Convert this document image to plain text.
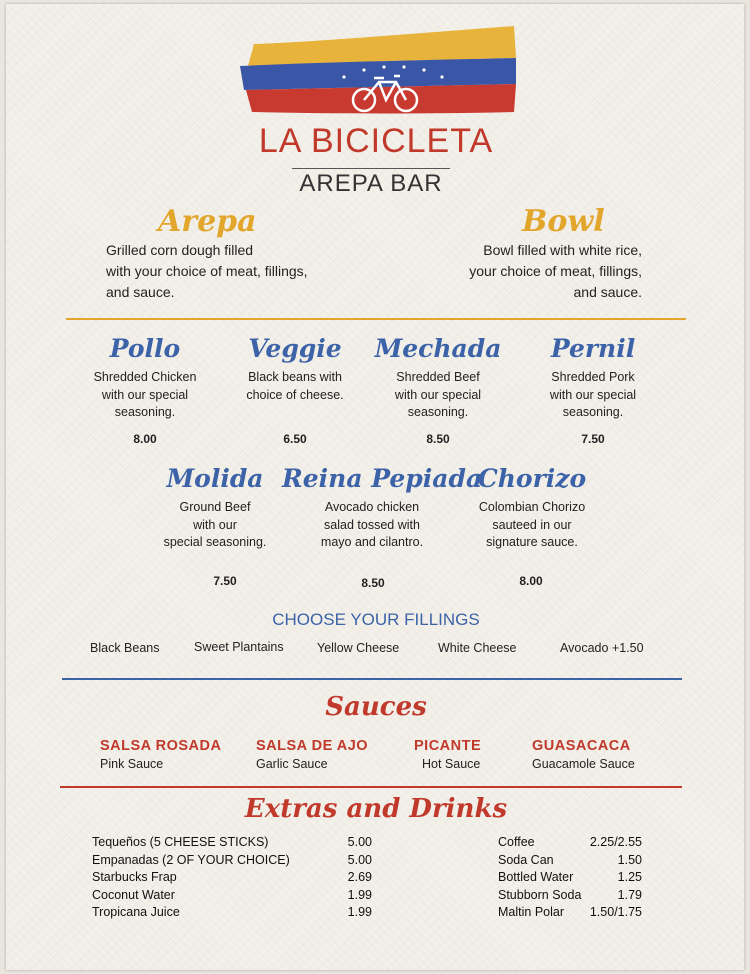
LA BICICLETA
AREPA BAR
Arepa
Grilled corn dough filled
with your choice of meat, fillings,
and sauce.
Bowl
Bowl filled with white rice,
your choice of meat, fillings,
and sauce.
Pollo
Shredded Chicken
with our special
seasoning.
8.00
Veggie
Black beans with
choice of cheese.
6.50
Mechada
Shredded Beef
with our special
seasoning.
8.50
Pernil
Shredded Pork
with our special
seasoning.
7.50
Molida
Ground Beef
with our
special seasoning.
7.50
Reina Pepiada
Avocado chicken
salad tossed with
mayo and cilantro.
8.50
Chorizo
Colombian Chorizo
sauteed in our
signature sauce.
8.00
CHOOSE YOUR FILLINGS
Black Beans	Sweet Plantains	Yellow Cheese	White Cheese	Avocado +1.50
Sauces
SALSA ROSADA
Pink Sauce
SALSA DE AJO
Garlic Sauce
PICANTE
Hot Sauce
GUASACACA
Guacamole Sauce
Extras and Drinks
Tequeños (5 CHEESE STICKS)	5.00
Empanadas (2 OF YOUR CHOICE)	5.00
Starbucks Frap	2.69
Coconut Water	1.99
Tropicana Juice	1.99
Coffee	2.25/2.55
Soda Can	1.50
Bottled Water	1.25
Stubborn Soda	1.79
Maltin Polar 1.50/1.75
